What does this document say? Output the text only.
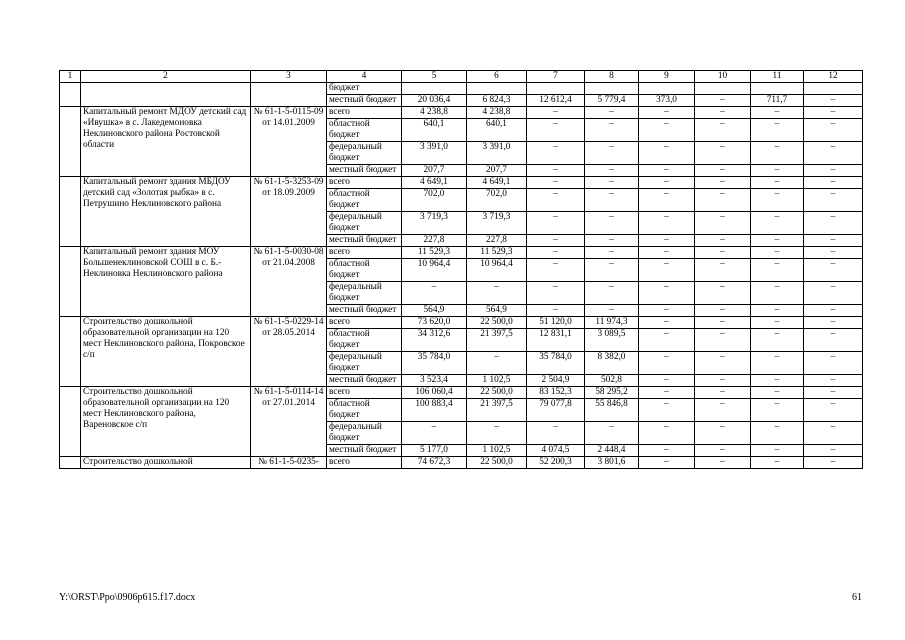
1	2	3	4	5	6	7	8	9	10	11	12
			бюджет								
			местный бюджет	20 036,4	6 824,3	12 612,4	5 779,4	373,0	–	711,7	–
	Капитальный ремонт МДОУ детский сад «Ивушка» в с. Лакедемоновка Неклиновского района Ростовской области	№ 61-1-5-0115-09 от 14.01.2009	всего	4 238,8	4 238,8	–	–	–	–	–	–
			областной бюджет	640,1	640,1	–	–	–	–	–	–
			федеральный бюджет	3 391,0	3 391,0	–	–	–	–	–	–
			местный бюджет	207,7	207,7	–	–	–	–	–	–
	Капитальный ремонт здания МБДОУ детский сад «Золотая рыбка» в с. Петрушино Неклиновского района	№ 61-1-5-3253-09 от 18.09.2009	всего	4 649,1	4 649,1	–	–	–	–	–	–
			областной бюджет	702,0	702,0	–	–	–	–	–	–
			федеральный бюджет	3 719,3	3 719,3	–	–	–	–	–	–
			местный бюджет	227,8	227,8	–	–	–	–	–	–
	Капитальный ремонт здания МОУ Большенеклиновской СОШ в с. Б.-Неклиновка Неклиновского района	№ 61-1-5-0030-08 от 21.04.2008	всего	11 529,3	11 529,3	–	–	–	–	–	–
			областной бюджет	10 964,4	10 964,4	–	–	–	–	–	–
			федеральный бюджет	–	–	–	–	–	–	–	–
			местный бюджет	564,9	564,9	–	–	–	–	–	–
	Строительство дошкольной образовательной организации на 120 мест Неклиновского района, Покровское с/п	№ 61-1-5-0229-14 от 28.05.2014	всего	73 620,0	22 500,0	51 120,0	11 974,3	–	–	–	–
			областной бюджет	34 312,6	21 397,5	12 831,1	3 089,5	–	–	–	–
			федеральный бюджет	35 784,0	–	35 784,0	8 382,0	–	–	–	–
			местный бюджет	3 523,4	1 102,5	2 504,9	502,8	–	–	–	–
	Строительство дошкольной образовательной организации на 120 мест Неклиновского района, Вареновское с/п	№ 61-1-5-0114-14 от 27.01.2014	всего	106 060,4	22 500,0	83 152,3	58 295,2	–	–	–	–
			областной бюджет	100 883,4	21 397,5	79 077,8	55 846,8	–	–	–	–
			федеральный бюджет	–	–	–	–	–	–	–	–
			местный бюджет	5 177,0	1 102,5	4 074,5	2 448,4	–	–	–	–
	Строительство дошкольной	№ 61-1-5-0235-	всего	74 672,3	22 500,0	52 200,3	3 801,6	–	–	–	–
Y:\ORST\Ppo\0906p615.f17.docx	61
